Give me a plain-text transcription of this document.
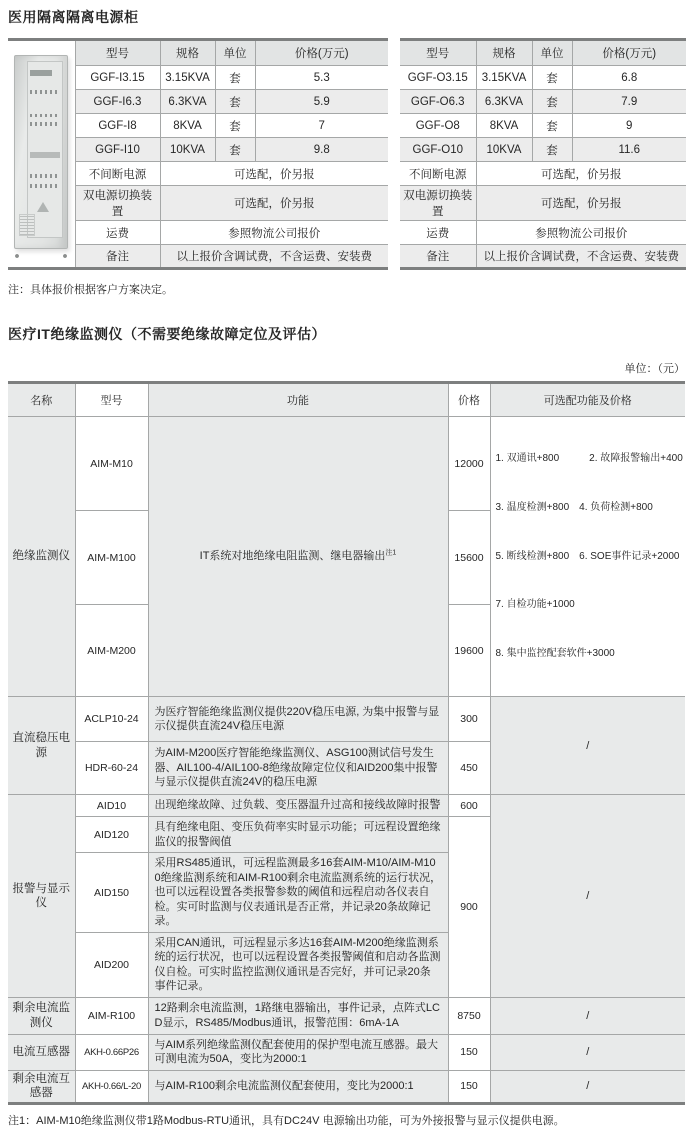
医用隔离隔离电源柜
	型号	规格	单位	价格(万元)
	GGF-I3.15	3.15KVA	套	5.3
	GGF-I6.3	6.3KVA	套	5.9
	GGF-I8	8KVA	套	7
	GGF-I10	10KVA	套	9.8
	不间断电源	可选配，价另报		
	双电源切换装置	可选配，价另报		
	运费	参照物流公司报价		
	备注	以上报价含调试费，不含运费、安装费		
型号	规格	单位	价格(万元)
GGF-O3.15	3.15KVA	套	6.8
GGF-O6.3	6.3KVA	套	7.9
GGF-O8	8KVA	套	9
GGF-O10	10KVA	套	11.6
不间断电源	可选配，价另报		
双电源切换装置	可选配，价另报		
运费	参照物流公司报价		
备注	以上报价含调试费，不含运费、安装费		

注：具体报价根据客户方案决定。

医疗IT绝缘监测仪（不需要绝缘故障定位及评估）
单位：（元）
名称	型号	功能	价格	可选配功能及价格
绝缘监测仪	AIM-M10	IT系统对地绝缘电阻监测、继电器输出$^{注1}$	12000	1. 双通讯+800　　　2. 故障报警输出+400

3. 温度检测+800　4. 负荷检测+800

5. 断线检测+800　6. SOE事件记录+2000

7. 自检功能+1000

8. 集中监控配套软件+3000

	AIM-M100		15600	
	AIM-M200		19600	
直流稳压电源	ACLP10-24	为医疗智能绝缘监测仪提供220V稳压电源, 为集中报警与显示仪提供直流24V稳压电源	300	/
	HDR-60-24	为AIM-M200医疗智能绝缘监测仪、ASG100测试信号发生器、AIL100-4/AIL100-8绝缘故障定位仪和AID200集中报警与显示仪提供直流24V的稳压电源	450	
报警与显示仪	AID10	出现绝缘故障、过负载、变压器温升过高和接线故障时报警	600	/
	AID120	具有绝缘电阻、变压负荷率实时显示功能；可远程设置绝缘监仪的报警阀值	900	
	AID150	采用RS485通讯，可远程监测最多16套AIM-M10/AIM-M100绝缘监测系统和AIM-R100剩余电流监测系统的运行状况，也可以远程设置各类报警参数的阈值和远程启动各仪表自检。实可时监测与仪表通讯是否正常，并记录20条故障记录。		
	AID200	采用CAN通讯，可远程显示多达16套AIM-M200绝缘监测系统的运行状况，也可以远程设置各类报警阈值和启动各监测仪自检。可实时监控监测仪通讯是否完好，并可记录20条事件记录。		
剩余电流监测仪	AIM-R100	12路剩余电流监测，1路继电器输出，事件记录，点阵式LCD显示，RS485/Modbus通讯，报警范围：6mA-1A	8750	/
电流互感器	AKH-0.66P26	与AIM系列绝缘监测仪配套使用的保护型电流互感器。最大可测电流为50A，变比为2000:1	150	/
剩余电流互感器	AKH-0.66/L-20	与AIM-R100剩余电流监测仪配套使用，变比为2000:1	150	/

注1：AIM-M10绝缘监测仪带1路Modbus-RTU通讯，具有DC24V 电源输出功能，可为外接报警与显示仪提供电源。
